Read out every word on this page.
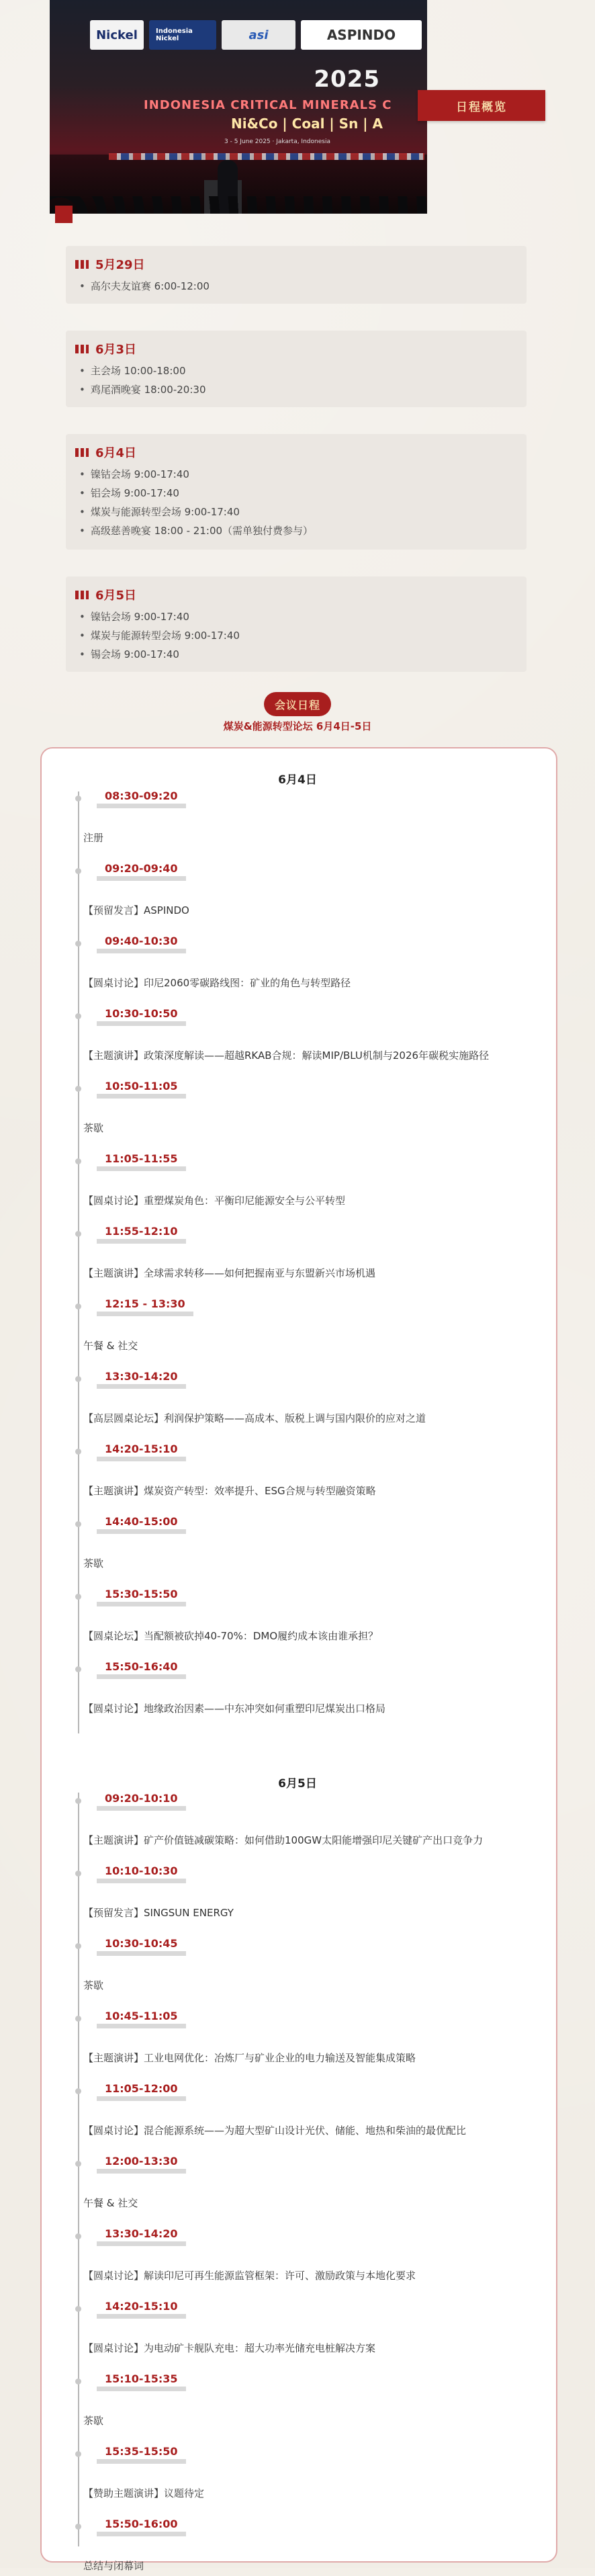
Nickel	Indonesia Nickel	asi	ASPINDO
2025
INDONESIA CRITICAL MINERALS C
Ni&Co | Coal | Sn | A
3 - 5 June 2025 · Jakarta, Indonesia
日程概览
5月29日
• 高尔夫友谊赛 6:00-12:00
6月3日
• 主会场 10:00-18:00
• 鸡尾酒晚宴 18:00-20:30
6月4日
• 镍钴会场 9:00-17:40
• 铝会场 9:00-17:40
• 煤炭与能源转型会场 9:00-17:40
• 高级慈善晚宴 18:00 - 21:00（需单独付费参与）
6月5日
• 镍钴会场 9:00-17:40
• 煤炭与能源转型会场 9:00-17:40
• 锡会场 9:00-17:40
会议日程
煤炭&能源转型论坛 6月4日-5日
6月4日
08:30-09:20
注册
09:20-09:40
【预留发言】ASPINDO
09:40-10:30
【圆桌讨论】印尼2060零碳路线图：矿业的角色与转型路径
10:30-10:50
【主题演讲】政策深度解读——超越RKAB合规：解读MIP/BLU机制与2026年碳税实施路径
10:50-11:05
茶歇
11:05-11:55
【圆桌讨论】重塑煤炭角色：平衡印尼能源安全与公平转型
11:55-12:10
【主题演讲】全球需求转移——如何把握南亚与东盟新兴市场机遇
12:15 - 13:30
午餐 & 社交
13:30-14:20
【高层圆桌论坛】利润保护策略——高成本、版税上调与国内限价的应对之道
14:20-15:10
【主题演讲】煤炭资产转型：效率提升、ESG合规与转型融资策略
14:40-15:00
茶歇
15:30-15:50
【圆桌论坛】当配额被砍掉40-70%：DMO履约成本该由谁承担？
15:50-16:40
【圆桌讨论】地缘政治因素——中东冲突如何重塑印尼煤炭出口格局
6月5日
09:20-10:10
【主题演讲】矿产价值链减碳策略：如何借助100GW太阳能增强印尼关键矿产出口竞争力
10:10-10:30
【预留发言】SINGSUN ENERGY
10:30-10:45
茶歇
10:45-11:05
【主题演讲】工业电网优化：冶炼厂与矿业企业的电力输送及智能集成策略
11:05-12:00
【圆桌讨论】混合能源系统——为超大型矿山设计光伏、储能、地热和柴油的最优配比
12:00-13:30
午餐 & 社交
13:30-14:20
【圆桌讨论】解读印尼可再生能源监管框架：许可、激励政策与本地化要求
14:20-15:10
【圆桌讨论】为电动矿卡舰队充电：超大功率光储充电桩解决方案
15:10-15:35
茶歇
15:35-15:50
【赞助主题演讲】议题待定
15:50-16:00
总结与闭幕词
